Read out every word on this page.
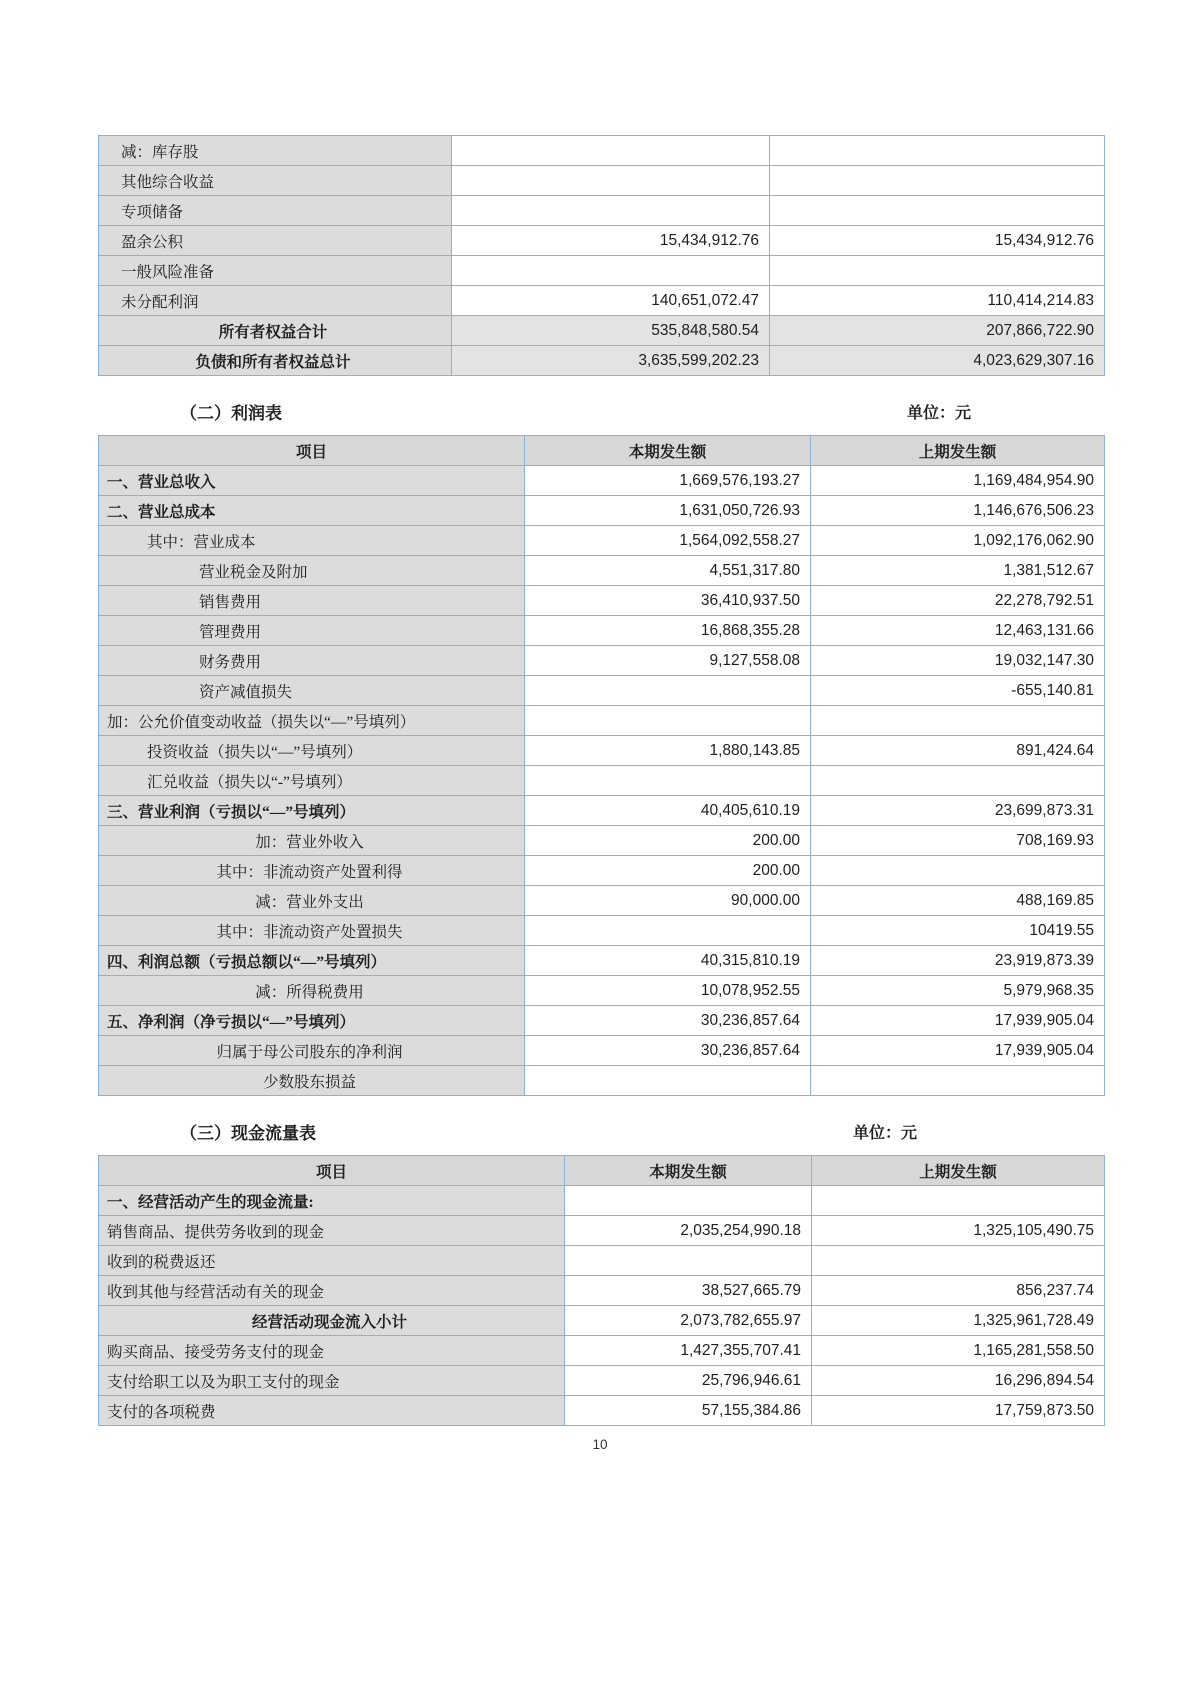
减：库存股		
其他综合收益		
专项储备		
盈余公积	15,434,912.76	15,434,912.76
一般风险准备		
未分配利润	140,651,072.47	110,414,214.83
所有者权益合计	535,848,580.54	207,866,722.90
负债和所有者权益总计	3,635,599,202.23	4,023,629,307.16
（二）利润表	单位：元
项目	本期发生额	上期发生额
一、营业总收入	1,669,576,193.27	1,169,484,954.90
二、营业总成本	1,631,050,726.93	1,146,676,506.23
其中：营业成本	1,564,092,558.27	1,092,176,062.90
营业税金及附加	4,551,317.80	1,381,512.67
销售费用	36,410,937.50	22,278,792.51
管理费用	16,868,355.28	12,463,131.66
财务费用	9,127,558.08	19,032,147.30
资产减值损失		-655,140.81
加：公允价值变动收益（损失以“—”号填列）		
投资收益（损失以“—”号填列）	1,880,143.85	891,424.64
汇兑收益（损失以“-”号填列）		
三、营业利润（亏损以“—”号填列）	40,405,610.19	23,699,873.31
加：营业外收入	200.00	708,169.93
其中：非流动资产处置利得	200.00	
减：营业外支出	90,000.00	488,169.85
其中：非流动资产处置损失		10419.55
四、利润总额（亏损总额以“—”号填列）	40,315,810.19	23,919,873.39
减：所得税费用	10,078,952.55	5,979,968.35
五、净利润（净亏损以“—”号填列）	30,236,857.64	17,939,905.04
归属于母公司股东的净利润	30,236,857.64	17,939,905.04
少数股东损益		
（三）现金流量表	单位：元
项目	本期发生额	上期发生额
一、经营活动产生的现金流量:		
销售商品、提供劳务收到的现金	2,035,254,990.18	1,325,105,490.75
收到的税费返还		
收到其他与经营活动有关的现金	38,527,665.79	856,237.74
经营活动现金流入小计	2,073,782,655.97	1,325,961,728.49
购买商品、接受劳务支付的现金	1,427,355,707.41	1,165,281,558.50
支付给职工以及为职工支付的现金	25,796,946.61	16,296,894.54
支付的各项税费	57,155,384.86	17,759,873.50
10
